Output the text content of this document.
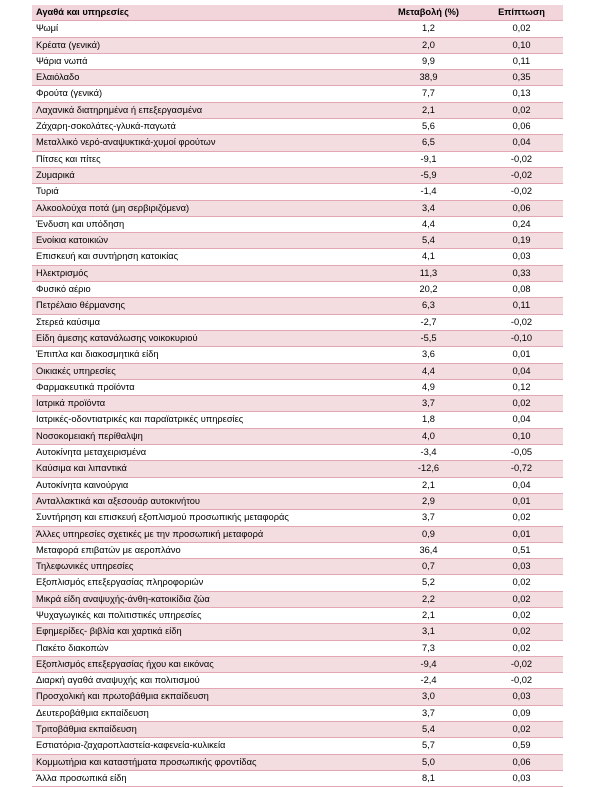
Αγαθά και υπηρεσίες	Μεταβολή (%)	Επίπτωση
Ψωμί	1,2	0,02
Κρέατα (γενικά)	2,0	0,10
Ψάρια νωπά	9,9	0,11
Ελαιόλαδο	38,9	0,35
Φρούτα (γενικά)	7,7	0,13
Λαχανικά διατηρημένα ή επεξεργασμένα	2,1	0,02
Ζάχαρη-σοκολάτες-γλυκά-παγωτά	5,6	0,06
Μεταλλικό νερό-αναψυκτικά-χυμοί φρούτων	6,5	0,04
Πίτσες και πίτες	-9,1	-0,02
Ζυμαρικά	-5,9	-0,02
Τυριά	-1,4	-0,02
Αλκοολούχα ποτά (μη σερβιριζόμενα)	3,4	0,06
Ένδυση και υπόδηση	4,4	0,24
Ενοίκια κατοικιών	5,4	0,19
Επισκευή και συντήρηση κατοικίας	4,1	0,03
Ηλεκτρισμός	11,3	0,33
Φυσικό αέριο	20,2	0,08
Πετρέλαιο θέρμανσης	6,3	0,11
Στερεά καύσιμα	-2,7	-0,02
Είδη άμεσης κατανάλωσης νοικοκυριού	-5,5	-0,10
Έπιπλα και διακοσμητικά είδη	3,6	0,01
Οικιακές υπηρεσίες	4,4	0,04
Φαρμακευτικά προϊόντα	4,9	0,12
Ιατρικά προϊόντα	3,7	0,02
Ιατρικές-οδοντιατρικές και παραϊατρικές υπηρεσίες	1,8	0,04
Νοσοκομειακή περίθαλψη	4,0	0,10
Αυτοκίνητα μεταχειρισμένα	-3,4	-0,05
Καύσιμα και λιπαντικά	-12,6	-0,72
Αυτοκίνητα καινούργια	2,1	0,04
Ανταλλακτικά και αξεσουάρ αυτοκινήτου	2,9	0,01
Συντήρηση και επισκευή εξοπλισμού προσωπικής μεταφοράς	3,7	0,02
Άλλες υπηρεσίες σχετικές με την προσωπική μεταφορά	0,9	0,01
Μεταφορά επιβατών με αεροπλάνο	36,4	0,51
Τηλεφωνικές υπηρεσίες	0,7	0,03
Εξοπλισμός επεξεργασίας πληροφοριών	5,2	0,02
Μικρά είδη αναψυχής-άνθη-κατοικίδια ζώα	2,2	0,02
Ψυχαγωγικές και πολιτιστικές υπηρεσίες	2,1	0,02
Εφημερίδες- βιβλία και χαρτικά είδη	3,1	0,02
Πακέτο διακοπών	7,3	0,02
Εξοπλισμός επεξεργασίας ήχου και εικόνας	-9,4	-0,02
Διαρκή αγαθά αναψυχής και πολιτισμού	-2,4	-0,02
Προσχολική και πρωτοβάθμια εκπαίδευση	3,0	0,03
Δευτεροβάθμια εκπαίδευση	3,7	0,09
Τριτοβάθμια εκπαίδευση	5,4	0,02
Εστιατόρια-ζαχαροπλαστεία-καφενεία-κυλικεία	5,7	0,59
Κομμωτήρια και καταστήματα προσωπικής φροντίδας	5,0	0,06
Άλλα προσωπικά είδη	8,1	0,03
